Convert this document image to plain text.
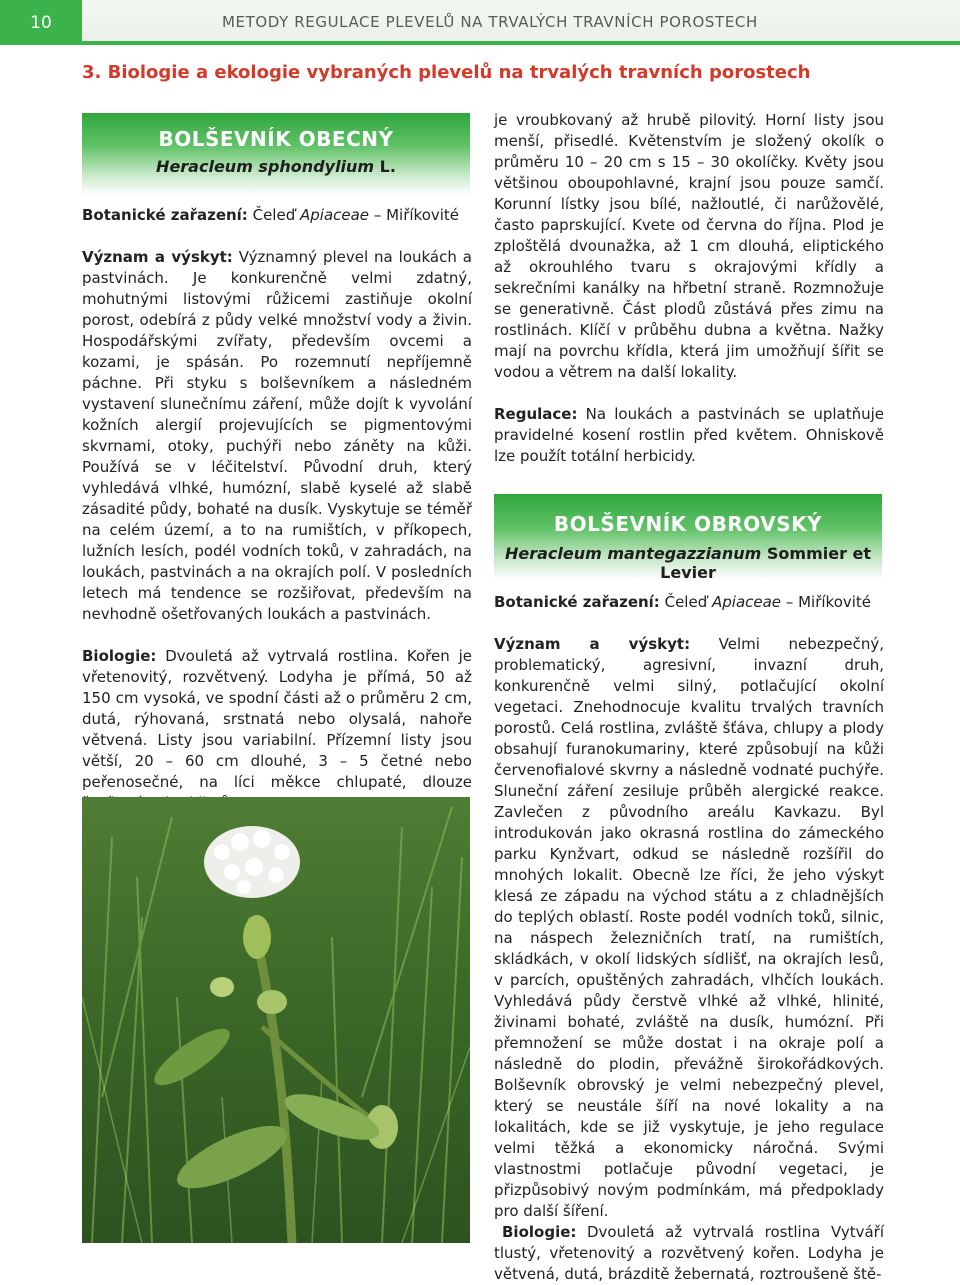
10	METODY REGULACE PLEVELŮ NA TRVALÝCH TRAVNÍCH POROSTECH
3. Biologie a ekologie vybraných plevelů na trvalých travních porostech
BOLŠEVNÍK OBECNÝ
Heracleum sphondylium L.

Botanické zařazení: Čeleď Apiaceae – Miříkovité

Význam a výskyt: Významný plevel na loukách a pastvinách. Je konkurenčně velmi zdatný, mohutnými listovými růžicemi zastiňuje okolní porost, odebírá z půdy velké množství vody a živin. Hospodářskými zvířaty, především ovcemi a kozami, je spásán. Po rozemnutí nepříjemně páchne. Při styku s bolševníkem a následném vystavení slunečnímu záření, může dojít k vyvolání kožních alergií projevujících se pigmentovými skvrnami, otoky, puchýři nebo záněty na kůži. Používá se v léčitelství. Původní druh, který vyhledává vlhké, humózní, slabě kyselé až slabě zásadité půdy, bohaté na dusík. Vyskytuje se téměř na celém území, a to na rumištích, v příkopech, lužních lesích, podél vodních toků, v zahradách, na loukách, pastvinách a na okrajích polí. V posledních letech má tendence se rozšiřovat, především na nevhodně ošetřovaných loukách a pastvinách.

Biologie: Dvouletá až vytrvalá rostlina. Kořen je vřetenovitý, rozvětvený. Lodyha je přímá, 50 až 150 cm vysoká, ve spodní části až o průměru 2 cm, dutá, rýhovaná, srstnatá nebo olysalá, nahoře větvená. Listy jsou variabilní. Přízemní listy jsou větší, 20 – 60 cm dlouhé, 3 – 5 četné nebo peřenosečné, na líci měkce chlupaté, dlouze

je vroubkovaný až hrubě pilovitý. Horní listy jsou menší, přisedlé. Květenstvím je složený okolík o průměru 10 – 20 cm s 15 – 30 okolíčky. Květy jsou většinou oboupohlavné, krajní jsou pouze samčí. Korunní lístky jsou bílé, nažloutlé, či narůžovělé, často paprskující. Kvete od června do října. Plod je zploštělá dvounažka, až 1 cm dlouhá, eliptického až okrouhlého tvaru s okrajovými křídly a sekrečními kanálky na hřbetní straně. Rozmnožuje se generativně. Část plodů zůstává přes zimu na rostlinách. Klíčí v průběhu dubna a května. Nažky mají na povrchu křídla, která jim umožňují šířit se vodou a větrem na další lokality.

Regulace: Na loukách a pastvinách se uplatňuje pravidelné kosení rostlin před květem. Ohniskově lze použít totální herbicidy.

BOLŠEVNÍK OBROVSKÝ
Heracleum mantegazzianum Sommier et Levier

Botanické zařazení: Čeleď Apiaceae – Miříkovité

Význam a výskyt: Velmi nebezpečný, problematický, agresivní, invazní druh, konkurenčně velmi silný, potlačující okolní vegetaci. Znehodnocuje kvalitu trvalých travních porostů. Celá rostlina, zvláště šťáva, chlupy a plody obsahují furanokumariny, které způsobují na kůži červenofialové skvrny a následně vodnaté puchýře. Sluneční záření zesiluje průběh alergické reakce. Zavlečen z původního areálu Kavkazu. Byl introdukován jako okrasná rostlina do zámeckého parku Kynžvart, odkud se následně rozšířil do mnohých lokalit. Obecně lze říci, že jeho výskyt klesá ze západu na východ státu a z chladnějších do teplých oblastí. Roste podél vodních toků, silnic, na náspech železničních tratí, na rumištích, skládkách, v okolí lidských sídlišť, na okrajích lesů, v parcích, opuštěných zahradách, vlhčích loukách. Vyhledává půdy čerstvě vlhké až vlhké, hlinité, živinami bohaté, zvláště na dusík, humózní. Při přemnožení se může dostat i na okraje polí a následně do plodin, převážně širokořádkových. Bolševník obrovský je velmi nebezpečný plevel, který se neustále šíří na nové lokality a na lokalitách, kde se již vyskytuje, je jeho regulace velmi těžká a ekonomicky náročná. Svými vlastnostmi potlačuje původní vegetaci, je přizpůsobivý novým podmínkám, má předpoklady pro další šíření.

Biologie: Dvouletá až vytrvalá rostlina Vytváří tlustý, vřetenovitý a rozvětvený kořen. Lodyha je větvená, dutá, brázditě žebernatá, roztroušeně ště-
